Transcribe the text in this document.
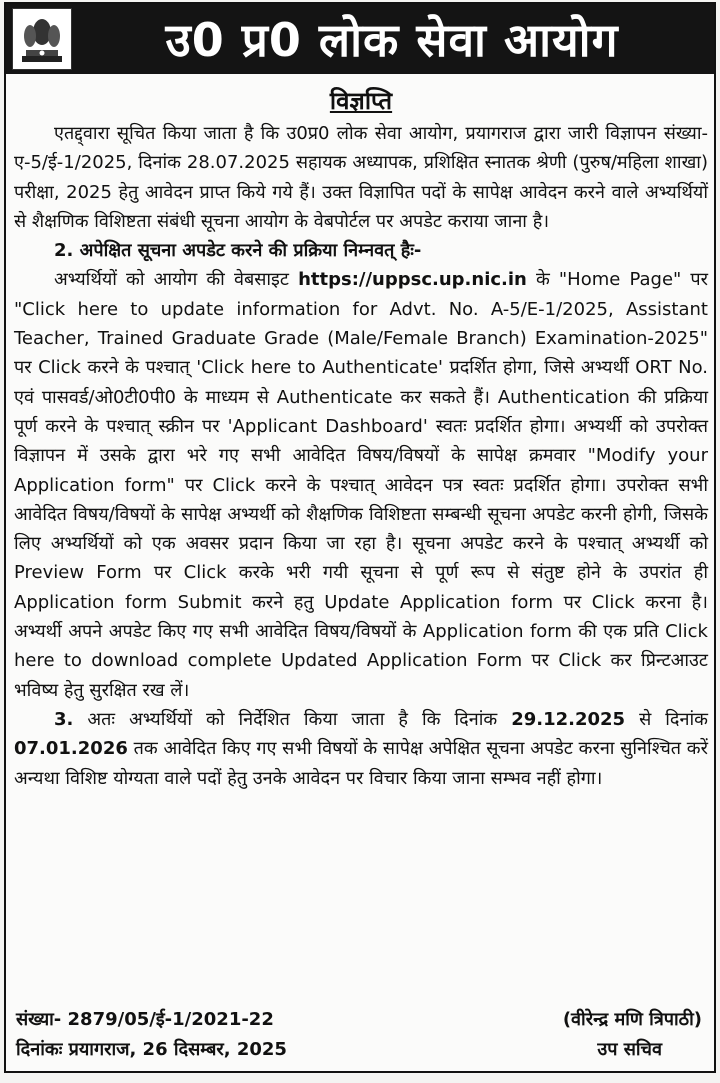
उ0 प्र0 लोक सेवा आयोग
विज्ञप्ति

एतद्द्वारा सूचित किया जाता है कि उ0प्र0 लोक सेवा आयोग, प्रयागराज द्वारा जारी विज्ञापन संख्या-ए-5/ई-1/2025, दिनांक 28.07.2025 सहायक अध्यापक, प्रशिक्षित स्नातक श्रेणी (पुरुष/महिला शाखा) परीक्षा, 2025 हेतु आवेदन प्राप्त किये गये हैं। उक्त विज्ञापित पदों के सापेक्ष आवेदन करने वाले अभ्यर्थियों से शैक्षणिक विशिष्टता संबंधी सूचना आयोग के वेबपोर्टल पर अपडेट कराया जाना है।

2. अपेक्षित सूचना अपडेट करने की प्रक्रिया निम्नवत् हैः-

अभ्यर्थियों को आयोग की वेबसाइट https://uppsc.up.nic.in के "Home Page" पर "Click here to update information for Advt. No. A-5/E-1/2025, Assistant Teacher, Trained Graduate Grade (Male/Female Branch) Examination-2025" पर Click करने के पश्चात् 'Click here to Authenticate' प्रदर्शित होगा, जिसे अभ्यर्थी ORT No. एवं पासवर्ड/ओ0टी0पी0 के माध्यम से Authenticate कर सकते हैं। Authentication की प्रक्रिया पूर्ण करने के पश्चात् स्क्रीन पर 'Applicant Dashboard' स्वतः प्रदर्शित होगा। अभ्यर्थी को उपरोक्त विज्ञापन में उसके द्वारा भरे गए सभी आवेदित विषय/विषयों के सापेक्ष क्रमवार "Modify your Application form" पर Click करने के पश्चात् आवेदन पत्र स्वतः प्रदर्शित होगा। उपरोक्त सभी आवेदित विषय/विषयों के सापेक्ष अभ्यर्थी को शैक्षणिक विशिष्टता सम्बन्धी सूचना अपडेट करनी होगी, जिसके लिए अभ्यर्थियों को एक अवसर प्रदान किया जा रहा है। सूचना अपडेट करने के पश्चात् अभ्यर्थी को Preview Form पर Click करके भरी गयी सूचना से पूर्ण रूप से संतुष्ट होने के उपरांत ही Application form Submit करने हतु Update Application form पर Click करना है। अभ्यर्थी अपने अपडेट किए गए सभी आवेदित विषय/विषयों के Application form की एक प्रति Click here to download complete Updated Application Form पर Click कर प्रिन्टआउट भविष्य हेतु सुरक्षित रख लें।

3. अतः अभ्यर्थियों को निर्देशित किया जाता है कि दिनांक 29.12.2025 से दिनांक 07.01.2026 तक आवेदित किए गए सभी विषयों के सापेक्ष अपेक्षित सूचना अपडेट करना सुनिश्चित करें अन्यथा विशिष्ट योग्यता वाले पदों हेतु उनके आवेदन पर विचार किया जाना सम्भव नहीं होगा।

संख्या- 2879/05/ई-1/2021-22	(वीरेन्द्र मणि त्रिपाठी)
दिनांकः प्रयागराज, 26 दिसम्बर, 2025	उप सचिव
